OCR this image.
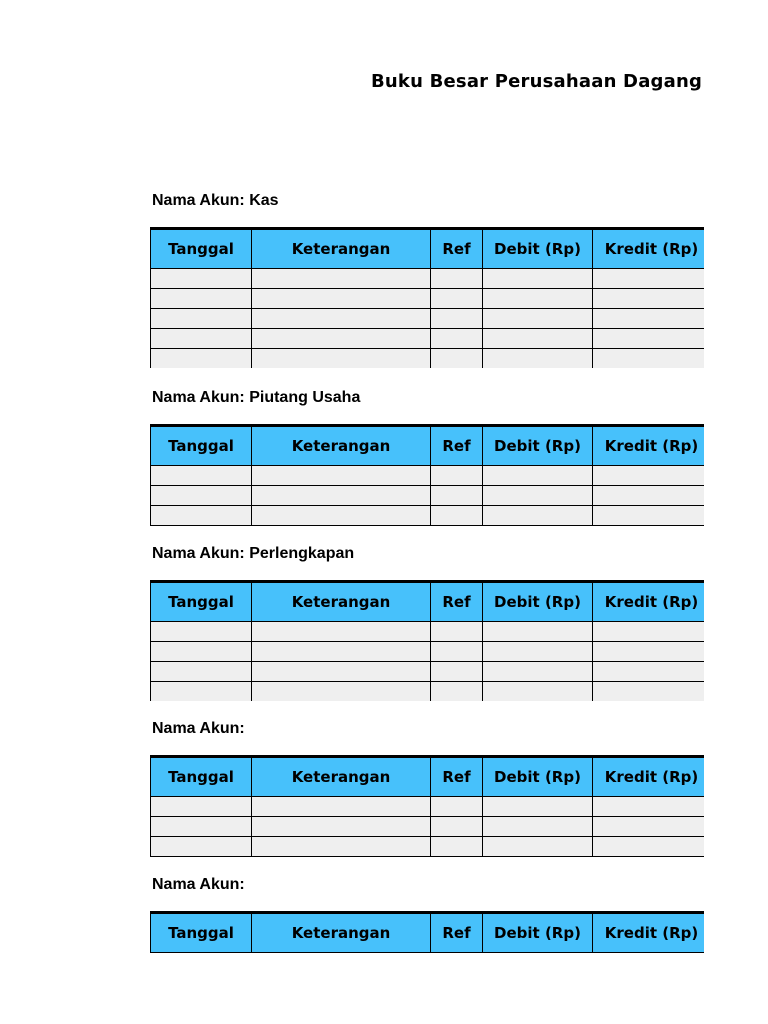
Buku Besar Perusahaan Dagang
Nama Akun: Kas
Tanggal	Keterangan	Ref	Debit (Rp)	Kredit (Rp)

Nama Akun: Piutang Usaha
Tanggal	Keterangan	Ref	Debit (Rp)	Kredit (Rp)

Nama Akun: Perlengkapan
Tanggal	Keterangan	Ref	Debit (Rp)	Kredit (Rp)

Nama Akun:
Tanggal	Keterangan	Ref	Debit (Rp)	Kredit (Rp)

Nama Akun:
Tanggal	Keterangan	Ref	Debit (Rp)	Kredit (Rp)
